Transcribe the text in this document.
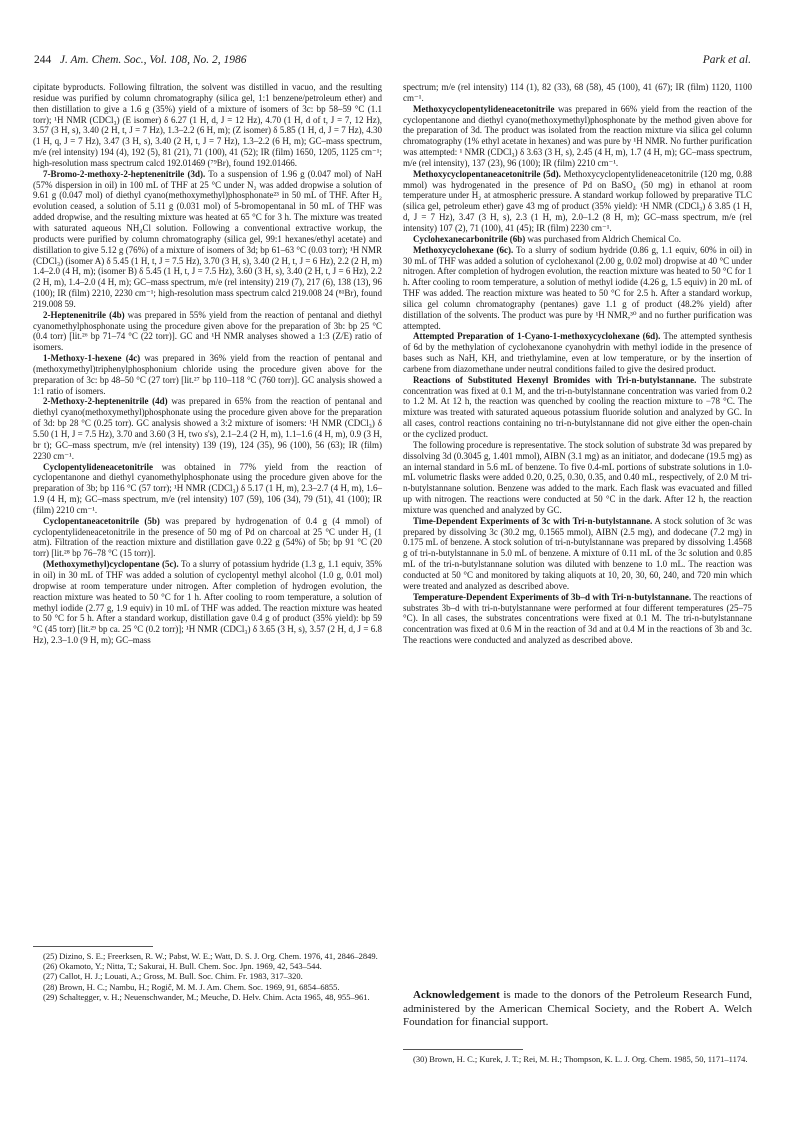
244 J. Am. Chem. Soc., Vol. 108, No. 2, 1986	Park et al.

cipitate byproducts. Following filtration, the solvent was distilled in vacuo, and the resulting residue was purified by column chromatography (silica gel, 1:1 benzene/petroleum ether) and then distillation to give a 1.6 g (35%) yield of a mixture of isomers of 3c: bp 58–59 °C (1.1 torr); ¹H NMR (CDCl₃) (E isomer) δ 6.27 (1 H, d, J = 12 Hz), 4.70 (1 H, d of t, J = 7, 12 Hz), 3.57 (3 H, s), 3.40 (2 H, t, J = 7 Hz), 1.3–2.2 (6 H, m); (Z isomer) δ 5.85 (1 H, d, J = 7 Hz), 4.30 (1 H, q, J = 7 Hz), 3.47 (3 H, s), 3.40 (2 H, t, J = 7 Hz), 1.3–2.2 (6 H, m); GC–mass spectrum, m/e (rel intensity) 194 (4), 192 (5), 81 (21), 71 (100), 41 (52); IR (film) 1650, 1205, 1125 cm⁻¹; high-resolution mass spectrum calcd 192.01469 (⁷⁹Br), found 192.01466.

7-Bromo-2-methoxy-2-heptenenitrile (3d). To a suspension of 1.96 g (0.047 mol) of NaH (57% dispersion in oil) in 100 mL of THF at 25 °C under N₂ was added dropwise a solution of 9.61 g (0.047 mol) of diethyl cyano(methoxymethyl)phosphonate²³ in 50 mL of THF. After H₂ evolution ceased, a solution of 5.11 g (0.031 mol) of 5-bromopentanal in 50 mL of THF was added dropwise, and the resulting mixture was heated at 65 °C for 3 h. The mixture was treated with saturated aqueous NH₄Cl solution. Following a conventional extractive workup, the products were purified by column chromatography (silica gel, 99:1 hexanes/ethyl acetate) and distillation to give 5.12 g (76%) of a mixture of isomers of 3d; bp 61–63 °C (0.03 torr); ¹H NMR (CDCl₃) (isomer A) δ 5.45 (1 H, t, J = 7.5 Hz), 3.70 (3 H, s), 3.40 (2 H, t, J = 6 Hz), 2.2 (2 H, m) 1.4–2.0 (4 H, m); (isomer B) δ 5.45 (1 H, t, J = 7.5 Hz), 3.60 (3 H, s), 3.40 (2 H, t, J = 6 Hz), 2.2 (2 H, m), 1.4–2.0 (4 H, m); GC–mass spectrum, m/e (rel intensity) 219 (7), 217 (6), 138 (13), 96 (100); IR (film) 2210, 2230 cm⁻¹; high-resolution mass spectrum calcd 219.008 24 (⁸¹Br), found 219.008 59.

2-Heptenenitrile (4b) was prepared in 55% yield from the reaction of pentanal and diethyl cyanomethylphosphonate using the procedure given above for the preparation of 3b: bp 25 °C (0.4 torr) [lit.²⁶ bp 71–74 °C (22 torr)]. GC and ¹H NMR analyses showed a 1:3 (Z/E) ratio of isomers.

1-Methoxy-1-hexene (4c) was prepared in 36% yield from the reaction of pentanal and (methoxymethyl)triphenylphosphonium chloride using the procedure given above for the preparation of 3c: bp 48–50 °C (27 torr) [lit.²⁷ bp 110–118 °C (760 torr)]. GC analysis showed a 1:1 ratio of isomers.

2-Methoxy-2-heptenenitrile (4d) was prepared in 65% from the reaction of pentanal and diethyl cyano(methoxymethyl)phosphonate using the procedure given above for the preparation of 3d: bp 28 °C (0.25 torr). GC analysis showed a 3:2 mixture of isomers: ¹H NMR (CDCl₃) δ 5.50 (1 H, J = 7.5 Hz), 3.70 and 3.60 (3 H, two s's), 2.1–2.4 (2 H, m), 1.1–1.6 (4 H, m), 0.9 (3 H, br t); GC–mass spectrum, m/e (rel intensity) 139 (19), 124 (35), 96 (100), 56 (63); IR (film) 2230 cm⁻¹.

Cyclopentylideneacetonitrile was obtained in 77% yield from the reaction of cyclopentanone and diethyl cyanomethylphosphonate using the procedure given above for the preparation of 3b; bp 116 °C (57 torr); ¹H NMR (CDCl₃) δ 5.17 (1 H, m), 2.3–2.7 (4 H, m), 1.6–1.9 (4 H, m); GC–mass spectrum, m/e (rel intensity) 107 (59), 106 (34), 79 (51), 41 (100); IR (film) 2210 cm⁻¹.

Cyclopentaneacetonitrile (5b) was prepared by hydrogenation of 0.4 g (4 mmol) of cyclopentylideneacetonitrile in the presence of 50 mg of Pd on charcoal at 25 °C under H₂ (1 atm). Filtration of the reaction mixture and distillation gave 0.22 g (54%) of 5b; bp 91 °C (20 torr) [lit.²⁸ bp 76–78 °C (15 torr)].

(Methoxymethyl)cyclopentane (5c). To a slurry of potassium hydride (1.3 g, 1.1 equiv, 35% in oil) in 30 mL of THF was added a solution of cyclopentyl methyl alcohol (1.0 g, 0.01 mol) dropwise at room temperature under nitrogen. After completion of hydrogen evolution, the reaction mixture was heated to 50 °C for 1 h. After cooling to room temperature, a solution of methyl iodide (2.77 g, 1.9 equiv) in 10 mL of THF was added. The reaction mixture was heated to 50 °C for 5 h. After a standard workup, distillation gave 0.4 g of product (35% yield): bp 59 °C (45 torr) [lit.²⁹ bp ca. 25 °C (0.2 torr)]; ¹H NMR (CDCl₃) δ 3.65 (3 H, s), 3.57 (2 H, d, J = 6.8 Hz), 2.3–1.0 (9 H, m); GC–mass

spectrum; m/e (rel intensity) 114 (1), 82 (33), 68 (58), 45 (100), 41 (67); IR (film) 1120, 1100 cm⁻¹.

Methoxycyclopentylideneacetonitrile was prepared in 66% yield from the reaction of the cyclopentanone and diethyl cyano(methoxymethyl)phosphonate by the method given above for the preparation of 3d. The product was isolated from the reaction mixture via silica gel column chromatography (1% ethyl acetate in hexanes) and was pure by ¹H NMR. No further purification was attempted: ¹ NMR (CDCl₃) δ 3.63 (3 H, s), 2.45 (4 H, m), 1.7 (4 H, m); GC–mass spectrum, m/e (rel intensity), 137 (23), 96 (100); IR (film) 2210 cm⁻¹.

Methoxycyclopentaneacetonitrile (5d). Methoxycyclopentylideneacetonitrile (120 mg, 0.88 mmol) was hydrogenated in the presence of Pd on BaSO₄ (50 mg) in ethanol at room temperature under H₂ at atmospheric pressure. A standard workup followed by preparative TLC (silica gel, petroleum ether) gave 43 mg of product (35% yield): ¹H NMR (CDCl₃) δ 3.85 (1 H, d, J = 7 Hz), 3.47 (3 H, s), 2.3 (1 H, m), 2.0–1.2 (8 H, m); GC–mass spectrum, m/e (rel intensity) 107 (2), 71 (100), 41 (45); IR (film) 2230 cm⁻¹.

Cyclohexanecarbonitrile (6b) was purchased from Aldrich Chemical Co.

Methoxycyclohexane (6c). To a slurry of sodium hydride (0.86 g, 1.1 equiv, 60% in oil) in 30 mL of THF was added a solution of cyclohexanol (2.00 g, 0.02 mol) dropwise at 40 °C under nitrogen. After completion of hydrogen evolution, the reaction mixture was heated to 50 °C for 1 h. After cooling to room temperature, a solution of methyl iodide (4.26 g, 1.5 equiv) in 20 mL of THF was added. The reaction mixture was heated to 50 °C for 2.5 h. After a standard workup, silica gel column chromatography (pentanes) gave 1.1 g of product (48.2% yield) after distillation of the solvents. The product was pure by ¹H NMR,³⁰ and no further purification was attempted.

Attempted Preparation of 1-Cyano-1-methoxycyclohexane (6d). The attempted synthesis of 6d by the methylation of cyclohexanone cyanohydrin with methyl iodide in the presence of bases such as NaH, KH, and triethylamine, even at low temperature, or by the insertion of carbene from diazomethane under neutral conditions failed to give the desired product.

Reactions of Substituted Hexenyl Bromides with Tri-n-butylstannane. The substrate concentration was fixed at 0.1 M, and the tri-n-butylstannane concentration was varied from 0.2 to 1.2 M. At 12 h, the reaction was quenched by cooling the reaction mixture to −78 °C. The mixture was treated with saturated aqueous potassium fluoride solution and analyzed by GC. In all cases, control reactions containing no tri-n-butylstannane did not give either the open-chain or the cyclized product.

The following procedure is representative. The stock solution of substrate 3d was prepared by dissolving 3d (0.3045 g, 1.401 mmol), AIBN (3.1 mg) as an initiator, and dodecane (19.5 mg) as an internal standard in 5.6 mL of benzene. To five 0.4-mL portions of substrate solutions in 1.0-mL volumetric flasks were added 0.20, 0.25, 0.30, 0.35, and 0.40 mL, respectively, of 2.0 M tri-n-butylstannane solution. Benzene was added to the mark. Each flask was evacuated and filled up with nitrogen. The reactions were conducted at 50 °C in the dark. After 12 h, the reaction mixture was quenched and analyzed by GC.

Time-Dependent Experiments of 3c with Tri-n-butylstannane. A stock solution of 3c was prepared by dissolving 3c (30.2 mg, 0.1565 mmol), AIBN (2.5 mg), and dodecane (7.2 mg) in 0.175 mL of benzene. A stock solution of tri-n-butylstannane was prepared by dissolving 1.4568 g of tri-n-butylstannane in 5.0 mL of benzene. A mixture of 0.11 mL of the 3c solution and 0.85 mL of the tri-n-butylstannane solution was diluted with benzene to 1.0 mL. The reaction was conducted at 50 °C and monitored by taking aliquots at 10, 20, 30, 60, 240, and 720 min which were treated and analyzed as described above.

Temperature-Dependent Experiments of 3b–d with Tri-n-butylstannane. The reactions of substrates 3b–d with tri-n-butylstannane were performed at four different temperatures (25–75 °C). In all cases, the substrates concentrations were fixed at 0.1 M. The tri-n-butylstannane concentration was fixed at 0.6 M in the reaction of 3d and at 0.4 M in the reactions of 3b and 3c. The reactions were conducted and analyzed as described above.

(25) Dizino, S. E.; Freerksen, R. W.; Pabst, W. E.; Watt, D. S. J. Org. Chem. 1976, 41, 2846–2849.

(26) Okamoto, Y.; Nitta, T.; Sakurai, H. Bull. Chem. Soc. Jpn. 1969, 42, 543–544.

(27) Callot, H. J.; Louati, A.; Gross, M. Bull. Soc. Chim. Fr. 1983, 317–320.

(28) Brown, H. C.; Nambu, H.; Rogič, M. M. J. Am. Chem. Soc. 1969, 91, 6854–6855.

(29) Schaltegger, v. H.; Neuenschwander, M.; Meuche, D. Helv. Chim. Acta 1965, 48, 955–961.	Acknowledgement is made to the donors of the Petroleum Research Fund, administered by the American Chemical Society, and the Robert A. Welch Foundation for financial support.

(30) Brown, H. C.; Kurek, J. T.; Rei, M. H.; Thompson, K. L. J. Org. Chem. 1985, 50, 1171–1174.
